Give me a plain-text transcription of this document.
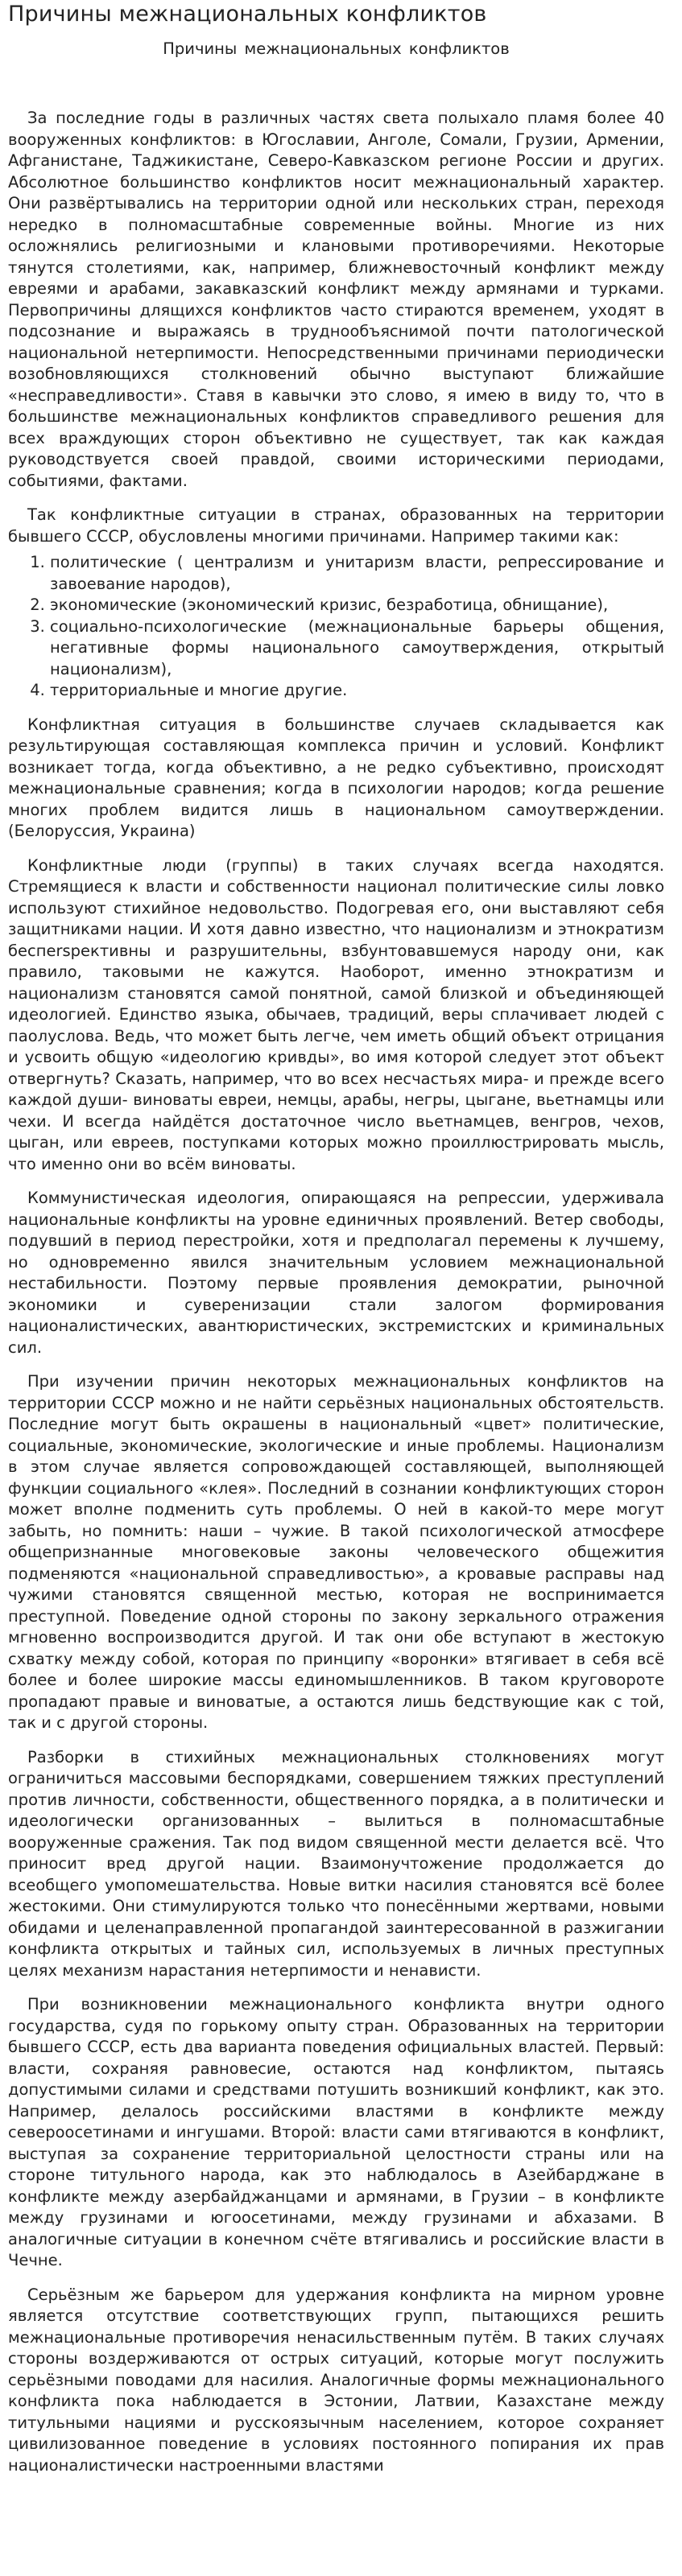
Причины межнациональных конфликтов
Причины межнациональных конфликтов

За последние годы в различных частях света полыхало пламя более 40 вооруженных конфликтов: в Югославии, Анголе, Сомали, Грузии, Армении, Афганистане, Таджикистане, Северо-Кавказском регионе России и других. Абсолютное большинство конфликтов носит межнациональный характер. Они развёртывались на территории одной или нескольких стран, переходя нередко в полномасштабные современные войны. Многие из них осложнялись религиозными и клановыми противоречиями. Некоторые тянутся столетиями, как, например, ближневосточный конфликт между евреями и арабами, закавказский конфликт между армянами и турками. Первопричины длящихся конфликтов часто стираются временем, уходят в подсознание и выражаясь в труднообъяснимой почти патологической национальной нетерпимости. Непосредственными причинами периодически возобновляющихся столкновений обычно выступают ближайшие «несправедливости». Ставя в кавычки это слово, я имею в виду то, что в большинстве межнациональных конфликтов справедливого решения для всех враждующих сторон объективно не существует, так как каждая руководствуется своей правдой, своими историческими периодами, событиями, фактами.

Так конфликтные ситуации в странах, образованных на территории бывшего СССР, обусловлены многими причинами. Например такими как:

1. политические ( централизм и унитаризм власти, репрессирование и завоевание народов),
2. экономические (экономический кризис, безработица, обнищание),
3. социально-психологические (межнациональные барьеры общения, негативные формы национального самоутверждения, открытый национализм),
4. территориальные и многие другие.

Конфликтная ситуация в большинстве случаев складывается как результирующая составляющая комплекса причин и условий. Конфликт возникает тогда, когда объективно, а не редко субъективно, происходят межнациональные сравнения; когда в психологии народов; когда решение многих проблем видится лишь в национальном самоутверждении. (Белоруссия, Украина)

Конфликтные люди (группы) в таких случаях всегда находятся. Стремящиеся к власти и собственности национал политические силы ловко используют стихийное недовольство. Подогревая его, они выставляют себя защитниками нации. И хотя давно известно, что национализм и этнократизм беспerspективны и разрушительны, взбунтовавшемуся народу они, как правило, таковыми не кажутся. Наоборот, именно этнократизм и национализм становятся самой понятной, самой близкой и объединяющей идеологией. Единство языка, обычаев, традиций, веры сплачивает людей с паолусловa. Ведь, что может быть легче, чем иметь общий объект отрицания и усвоить общую «идеологию кривды», во имя которой следует этот объект отвергнуть? Сказать, например, что во всех несчастьях мира- и прежде всего каждой души- виноваты евреи, немцы, арабы, негры, цыгане, вьетнамцы или чехи. И всегда найдётся достаточное число вьетнамцев, венгров, чехов, цыган, или евреев, поступками которых можно проиллюстрировать мысль, что именно они во всём виноваты.

Коммунистическая идеология, опирающаяся на репрессии, удерживала национальные конфликты на уровне единичных проявлений. Ветер свободы, подувший в период перестройки, хотя и предполагал перемены к лучшему, но одновременно явился значительным условием межнациональной нестабильности. Поэтому первые проявления демократии, рыночной экономики и суверенизации стали залогом формирования националистических, авантюристических, экстремистских и криминальных сил.

При изучении причин некоторых межнациональных конфликтов на территории СССР можно и не найти серьёзных национальных обстоятельств. Последние могут быть окрашены в национальный «цвет» политические, социальные, экономические, экологические и иные проблемы. Национализм в этом случае является сопровождающей составляющей, выполняющей функции социального «клея». Последний в сознании конфликтующих сторон может вполне подменить суть проблемы. О ней в какой-то мере могут забыть, но помнить: наши – чужие. В такой психологической атмосфере общепризнанные многовековые законы человеческого общежития подменяются «национальной справедливостью», а кровавые расправы над чужими становятся священной местью, которая не воспринимается преступной. Поведение одной стороны по закону зеркального отражения мгновенно воспроизводится другой. И так они обе вступают в жестокую схватку между собой, которая по принципу «воронки» втягивает в себя всё более и более широкие массы единомышленников. В таком круговороте пропадают правые и виноватые, а остаются лишь бедствующие как с той, так и с другой стороны.

Разборки в стихийных межнациональных столкновениях могут ограничиться массовыми беспорядками, совершением тяжких преступлений против личности, собственности, общественного порядка, а в политически и идеологически организованных – вылиться в полномасштабные вооруженные сражения. Так под видом священной мести делается всё. Что приносит вред другой нации. Взаимонучтожение продолжается до всеобщего умопомешательства. Новые витки насилия становятся всё более жестокими. Они стимулируются только что понесёнными жертвами, новыми обидами и целенаправленной пропагандой заинтересованной в разжигании конфликта открытых и тайных сил, используемых в личных преступных целях механизм нарастания нетерпимости и ненависти.

При возникновении межнационального конфликта внутри одного государства, судя по горькому опыту стран. Образованных на территории бывшего СССР, есть два варианта поведения официальных властей. Первый: власти, сохраняя равновесие, остаются над конфликтом, пытаясь допустимыми силами и средствами потушить возникший конфликт, как это. Например, делалось российскими властями в конфликте между североосетинами и ингушами. Второй: власти сами втягиваются в конфликт, выступая за сохранение территориальной целостности страны или на стороне титульного народа, как это наблюдалось в Азейбарджане в конфликте между азербайджанцами и армянами, в Грузии – в конфликте между грузинами и югоосетинами, между грузинами и абхазами. В аналогичные ситуации в конечном счёте втягивались и российские власти в Чечне.

Серьёзным же барьером для удержания конфликта на мирном уровне является отсутствие соответствующих групп, пытающихся решить межнациональные противоречия ненасильственным путём. В таких случаях стороны воздерживаются от острых ситуаций, которые могут послужить серьёзными поводами для насилия. Аналогичные формы межнационального конфликта пока наблюдается в Эстонии, Латвии, Казахстане между титульными нациями и русскоязычным населением, которое сохраняет цивилизованное поведение в условиях постоянного попирания их прав националистически настроенными властями
